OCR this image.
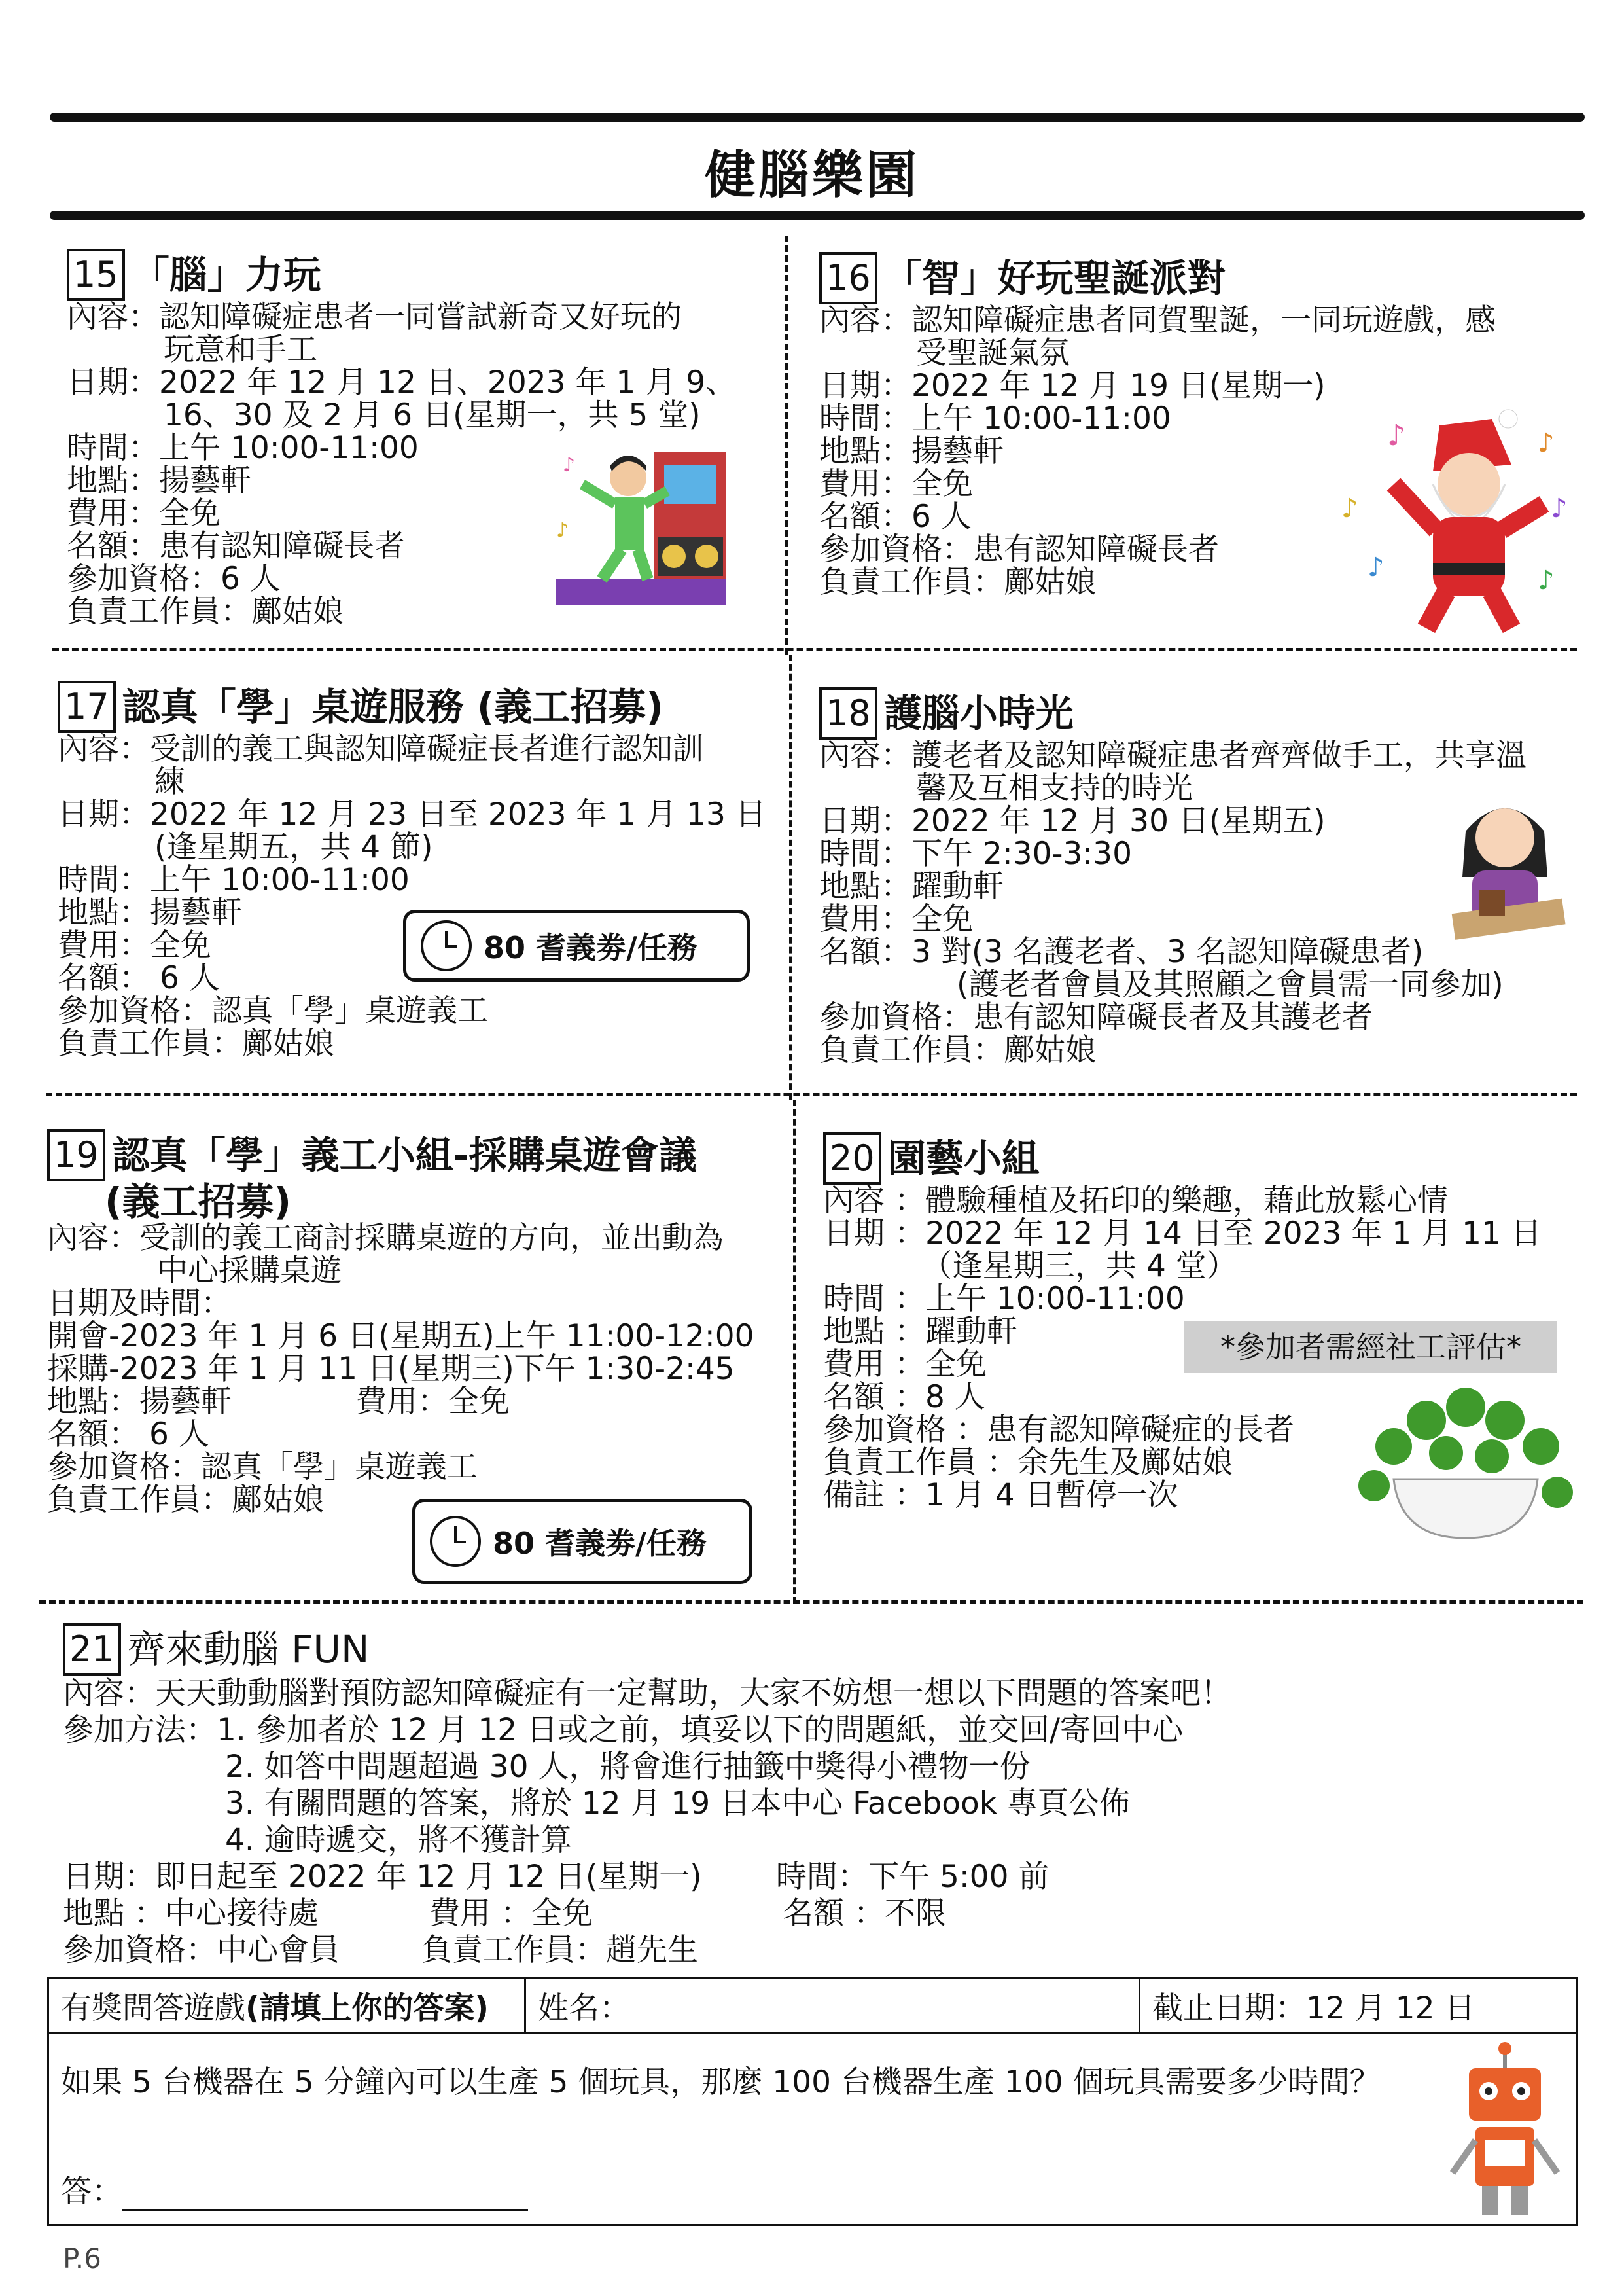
健腦樂園
15 「腦」力玩
內容：認知障礙症患者一同嘗試新奇又好玩的
玩意和手工
日期：2022 年 12 月 12 日、2023 年 1 月 9、
16、30 及 2 月 6 日(星期一，共 5 堂)
時間：上午 10:00-11:00
地點：揚藝軒
費用：全免
名額：患有認知障礙長者
參加資格：6 人
負責工作員：鄺姑娘
♪
♪
16 「智」好玩聖誕派對
內容：認知障礙症患者同賀聖誕，一同玩遊戲，感
受聖誕氣氛
日期：2022 年 12 月 19 日(星期一)
時間：上午 10:00-11:00
地點：揚藝軒
費用：全免
名額：6 人
參加資格：患有認知障礙長者
負責工作員：鄺姑娘
♪	♪
♪	♪
♪	♪
17 認真「學」桌遊服務 (義工招募)
內容：受訓的義工與認知障礙症長者進行認知訓
練
日期：2022 年 12 月 23 日至 2023 年 1 月 13 日
(逢星期五，共 4 節)
時間：上午 10:00-11:00
地點：揚藝軒
費用：全免
名額： 6 人
參加資格：認真「學」桌遊義工
負責工作員：鄺姑娘
80 耆義劵/任務
18 護腦小時光
內容：護老者及認知障礙症患者齊齊做手工，共享溫
馨及互相支持的時光
日期：2022 年 12 月 30 日(星期五)
時間：下午 2:30-3:30
地點：躍動軒
費用：全免
名額：3 對(3 名護老者、3 名認知障礙患者)
(護老者會員及其照顧之會員需一同參加)
參加資格：患有認知障礙長者及其護老者
負責工作員：鄺姑娘
19 認真「學」義工小組-採購桌遊會議
(義工招募)
內容：受訓的義工商討採購桌遊的方向，並出動為
中心採購桌遊
日期及時間：
開會-2023 年 1 月 6 日(星期五)上午 11:00-12:00
採購-2023 年 1 月 11 日(星期三)下午 1:30-2:45
地點：揚藝軒	費用：全免
名額： 6 人
參加資格：認真「學」桌遊義工
負責工作員：鄺姑娘
80 耆義劵/任務
20 園藝小組
內容 ：體驗種植及拓印的樂趣，藉此放鬆心情
日期 ：2022 年 12 月 14 日至 2023 年 1 月 11 日
（逢星期三，共 4 堂）
時間 ：上午 10:00-11:00
地點 ：躍動軒
費用 ：全免
名額 ：8 人
參加資格 ：患有認知障礙症的長者
負責工作員 ：余先生及鄺姑娘
備註 ：1 月 4 日暫停一次
*參加者需經社工評估*
21 齊來動腦 FUN
內容：天天動動腦對預防認知障礙症有一定幫助，大家不妨想一想以下問題的答案吧！
參加方法：1. 參加者於 12 月 12 日或之前，填妥以下的問題紙，並交回/寄回中心
2. 如答中問題超過 30 人，將會進行抽籤中獎得小禮物一份
3. 有關問題的答案，將於 12 月 19 日本中心 Facebook 專頁公佈
4. 逾時遞交，將不獲計算
日期：即日起至 2022 年 12 月 12 日(星期一) 時間：下午 5:00 前
地點 ：中心接待處	費用 ：全免	名額 ：不限
參加資格：中心會員	負責工作員：趙先生
有獎問答遊戲(請填上你的答案)	姓名：	截止日期：12 月 12 日

如果 5 台機器在 5 分鐘內可以生產 5 個玩具，那麼 100 台機器生產 100 個玩具需要多少時間？
答：
P.6
